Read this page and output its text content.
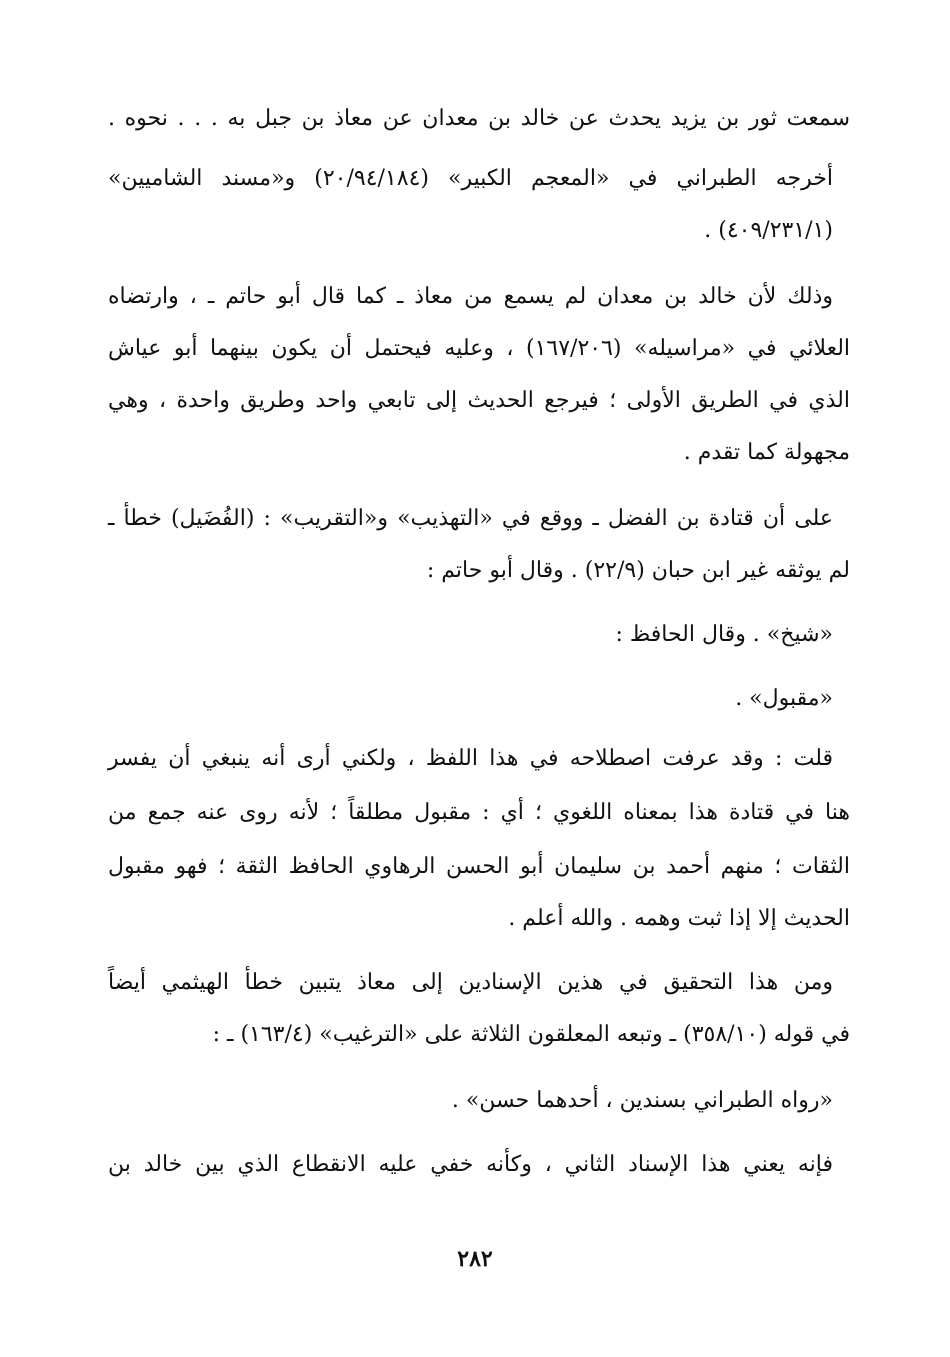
سمعت ثور بن يزيد يحدث عن خالد بن معدان عن معاذ بن جبل به . . . نحوه .
أخرجه الطبراني في «المعجم الكبير» (٢٠/٩٤/١٨٤) و«مسند الشاميين»
(٤٠٩/٢٣١/١) .
وذلك لأن خالد بن معدان لم يسمع من معاذ ـ كما قال أبو حاتم ـ ، وارتضاه
العلائي في «مراسيله» (١٦٧/٢٠٦) ، وعليه فيحتمل أن يكون بينهما أبو عياش
الذي في الطريق الأولى ؛ فيرجع الحديث إلى تابعي واحد وطريق واحدة ، وهي
مجهولة كما تقدم .
على أن قتادة بن الفضل ـ ووقع في «التهذيب» و«التقريب» : (الفُضَيل) خطأ ـ
لم يوثقه غير ابن حبان (٢٢/٩) . وقال أبو حاتم :
«شيخ» . وقال الحافظ :
«مقبول» .
قلت : وقد عرفت اصطلاحه في هذا اللفظ ، ولكني أرى أنه ينبغي أن يفسر
هنا في قتادة هذا بمعناه اللغوي ؛ أي : مقبول مطلقاً ؛ لأنه روى عنه جمع من
الثقات ؛ منهم أحمد بن سليمان أبو الحسن الرهاوي الحافظ الثقة ؛ فهو مقبول
الحديث إلا إذا ثبت وهمه . والله أعلم .
ومن هذا التحقيق في هذين الإسنادين إلى معاذ يتبين خطأ الهيثمي أيضاً
في قوله (٣٥٨/١٠) ـ وتبعه المعلقون الثلاثة على «الترغيب» (١٦٣/٤) ـ :
«رواه الطبراني بسندين ، أحدهما حسن» .
فإنه يعني هذا الإسناد الثاني ، وكأنه خفي عليه الانقطاع الذي بين خالد بن
٢٨٢
